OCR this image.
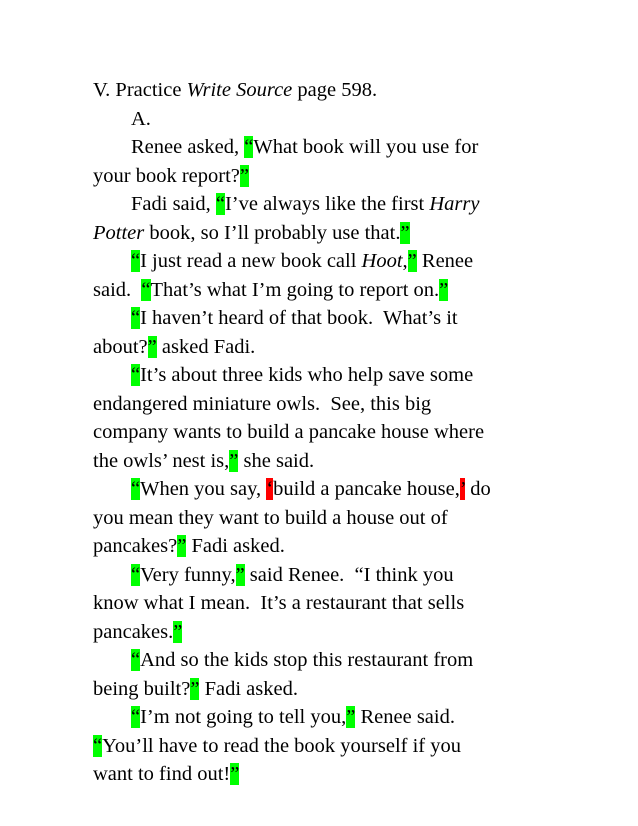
V. Practice Write Source page 598.
A.
Renee asked, “What book will you use for
your book report?”
Fadi said, “I’ve always like the first Harry
Potter book, so I’ll probably use that.”
“I just read a new book call Hoot,” Renee
said.  “That’s what I’m going to report on.”
“I haven’t heard of that book.  What’s it
about?” asked Fadi.
“It’s about three kids who help save some
endangered miniature owls.  See, this big
company wants to build a pancake house where
the owls’ nest is,” she said.
“When you say, ‘build a pancake house,’ do
you mean they want to build a house out of
pancakes?” Fadi asked.
“Very funny,” said Renee.  “I think you
know what I mean.  It’s a restaurant that sells
pancakes.”
“And so the kids stop this restaurant from
being built?” Fadi asked.
“I’m not going to tell you,” Renee said.
“You’ll have to read the book yourself if you
want to find out!”
